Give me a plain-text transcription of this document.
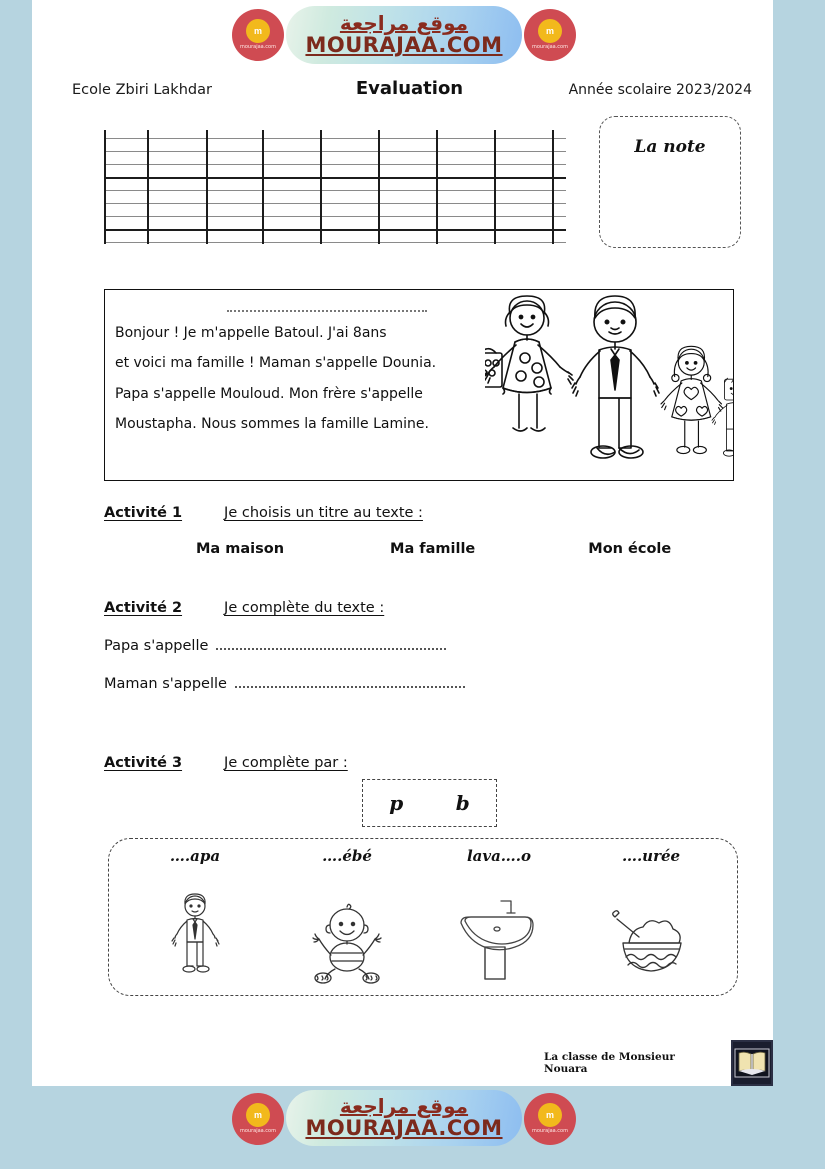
Ecole Zbiri Lakhdar	Evaluation	Année scolaire 2023/2024
La note
Bonjour ! Je m'appelle Batoul. J'ai 8ans
et voici ma famille ! Maman s'appelle Dounia.
Papa s'appelle Mouloud. Mon frère s'appelle
Moustapha. Nous sommes la famille Lamine.
Activité 1	Je choisis un titre au texte :
Ma maison	Ma famille	Mon école
Activité 2	Je complète du texte :
Papa s'appelle
Maman s'appelle
Activité 3	Je complète par :
p	b
….apa	….ébé	lava….o	….urée
La classe de Monsieur Nouara
m
mourajaa.com
موقع مراجعة
MOURAJAA.COM
m
mourajaa.com
m
mourajaa.com
موقع مراجعة
MOURAJAA.COM
m
mourajaa.com
